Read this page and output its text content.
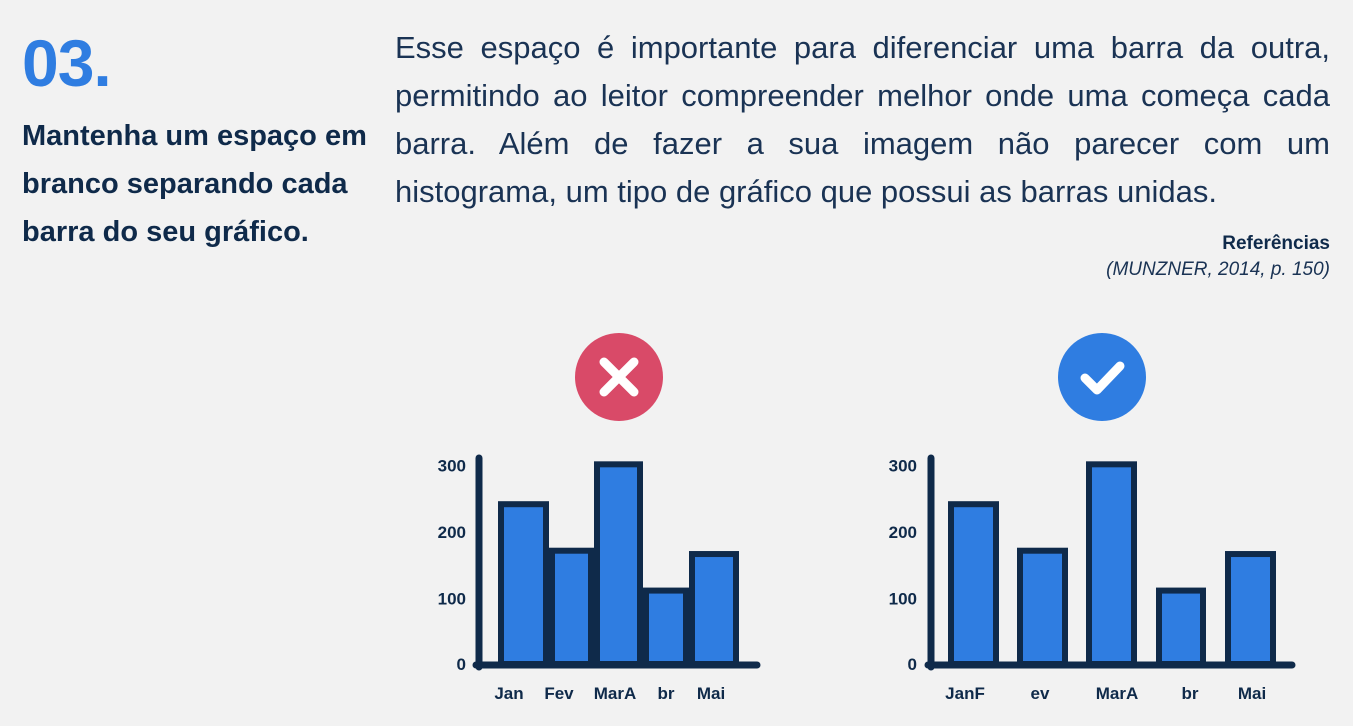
03.

Mantenha um espaço em branco separando cada barra do seu gráfico.

Esse espaço é importante para diferenciar uma barra da outra, permitindo ao leitor compreender melhor onde uma começa cada barra. Além de fazer a sua imagem não parecer com um histograma, um tipo de gráfico que possui as barras unidas.

Referências
(MUNZNER, 2014, p. 150)
0
100
200
300
Jan Fev MarA br Mai
0
100
200
300
JanF	ev	MarA	br Mai
